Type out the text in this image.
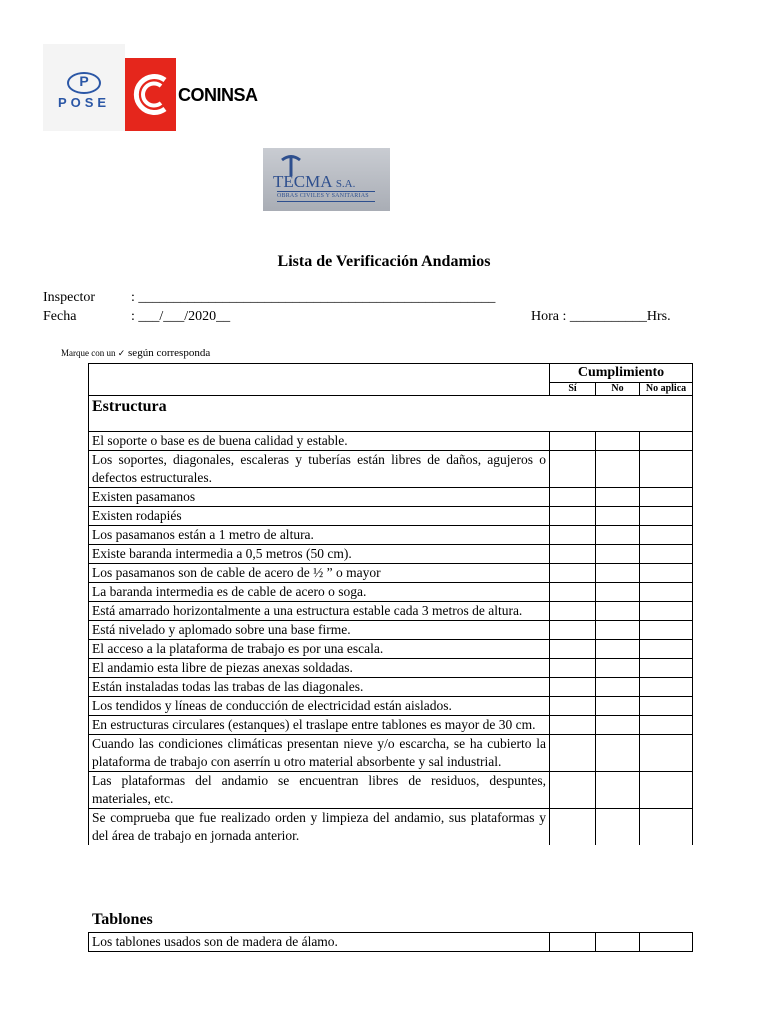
P
POSE	CONINSA
TECMA S.A.
OBRAS CIVILES Y SANITARIAS
Lista de Verificación Andamios
Inspector	: ___________________________________________________
Fecha	: ___/___/2020__	Hora : ___________Hrs.
Marque con un ✓ según corresponda
	Cumplimiento		
	Sí	No	No aplica
Estructura			
El soporte o base es de buena calidad y estable.			
Los soportes, diagonales, escaleras y tuberías están libres de daños, agujeros o defectos estructurales.			
Existen pasamanos			
Existen rodapiés			
Los pasamanos están a 1 metro de altura.			
Existe baranda intermedia a 0,5 metros (50 cm).			
Los pasamanos son de cable de acero de ½ ” o mayor			
La baranda intermedia es de cable de acero o soga.			
Está amarrado horizontalmente a una estructura estable cada 3 metros de altura.			
Está nivelado y aplomado sobre una base firme.			
El acceso a la plataforma de trabajo es por una escala.			
El andamio esta libre de piezas anexas soldadas.			
Están instaladas todas las trabas de las diagonales.			
Los tendidos y líneas de conducción de electricidad están aislados.			
En estructuras circulares (estanques) el traslape entre tablones es mayor de 30 cm.			
Cuando las condiciones climáticas presentan nieve y/o escarcha, se ha cubierto la plataforma de trabajo con aserrín u otro material absorbente y sal industrial.			
Las plataformas del andamio se encuentran libres de residuos, despuntes, materiales, etc.			
Se comprueba que fue realizado orden y limpieza del andamio, sus plataformas y del área de trabajo en jornada anterior.			
Tablones
Los tablones usados son de madera de álamo.			
